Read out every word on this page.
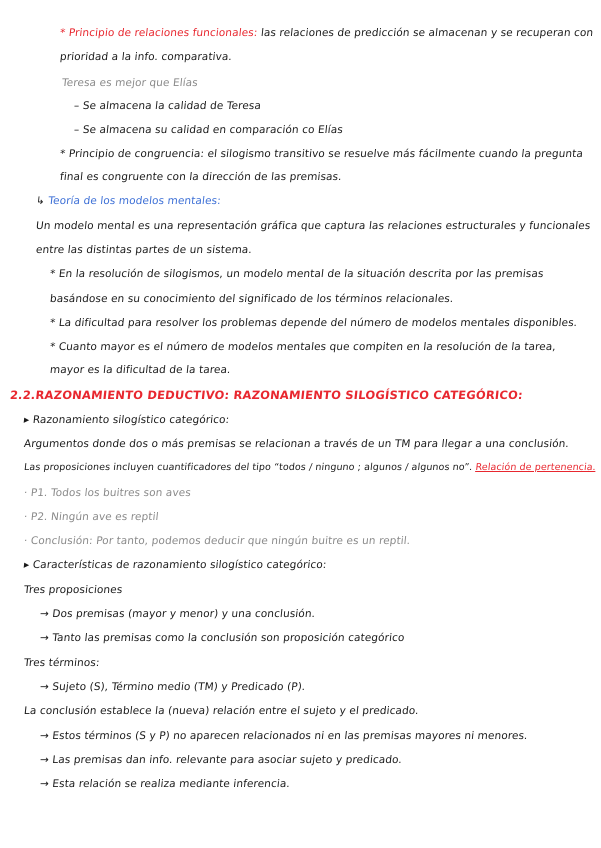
* Principio de relaciones funcionales: las relaciones de predicción se almacenan y se recuperan con
prioridad a la info. comparativa.
Teresa es mejor que Elías
– Se almacena la calidad de Teresa
– Se almacena su calidad en comparación co Elías
* Principio de congruencia: el silogismo transitivo se resuelve más fácilmente cuando la pregunta
final es congruente con la dirección de las premisas.
↳ Teoría de los modelos mentales:
Un modelo mental es una representación gráfica que captura las relaciones estructurales y funcionales
entre las distintas partes de un sistema.
* En la resolución de silogismos, un modelo mental de la situación descrita por las premisas
basándose en su conocimiento del significado de los términos relacionales.
* La dificultad para resolver los problemas depende del número de modelos mentales disponibles.
* Cuanto mayor es el número de modelos mentales que compiten en la resolución de la tarea,
mayor es la dificultad de la tarea.
2.2.RAZONAMIENTO DEDUCTIVO: RAZONAMIENTO SILOGÍSTICO CATEGÓRICO:
▸ Razonamiento silogístico categórico:
Argumentos donde dos o más premisas se relacionan a través de un TM para llegar a una conclusión.
Las proposiciones incluyen cuantificadores del tipo “todos / ninguno ; algunos / algunos no”. Relación de pertenencia.
· P1. Todos los buitres son aves
· P2. Ningún ave es reptil
· Conclusión: Por tanto, podemos deducir que ningún buitre es un reptil.
▸ Características de razonamiento silogístico categórico:
Tres proposiciones
→ Dos premisas (mayor y menor) y una conclusión.
→ Tanto las premisas como la conclusión son proposición categórico
Tres términos:
→ Sujeto (S), Término medio (TM) y Predicado (P).
La conclusión establece la (nueva) relación entre el sujeto y el predicado.
→ Estos términos (S y P) no aparecen relacionados ni en las premisas mayores ni menores.
→ Las premisas dan info. relevante para asociar sujeto y predicado.
→ Esta relación se realiza mediante inferencia.
